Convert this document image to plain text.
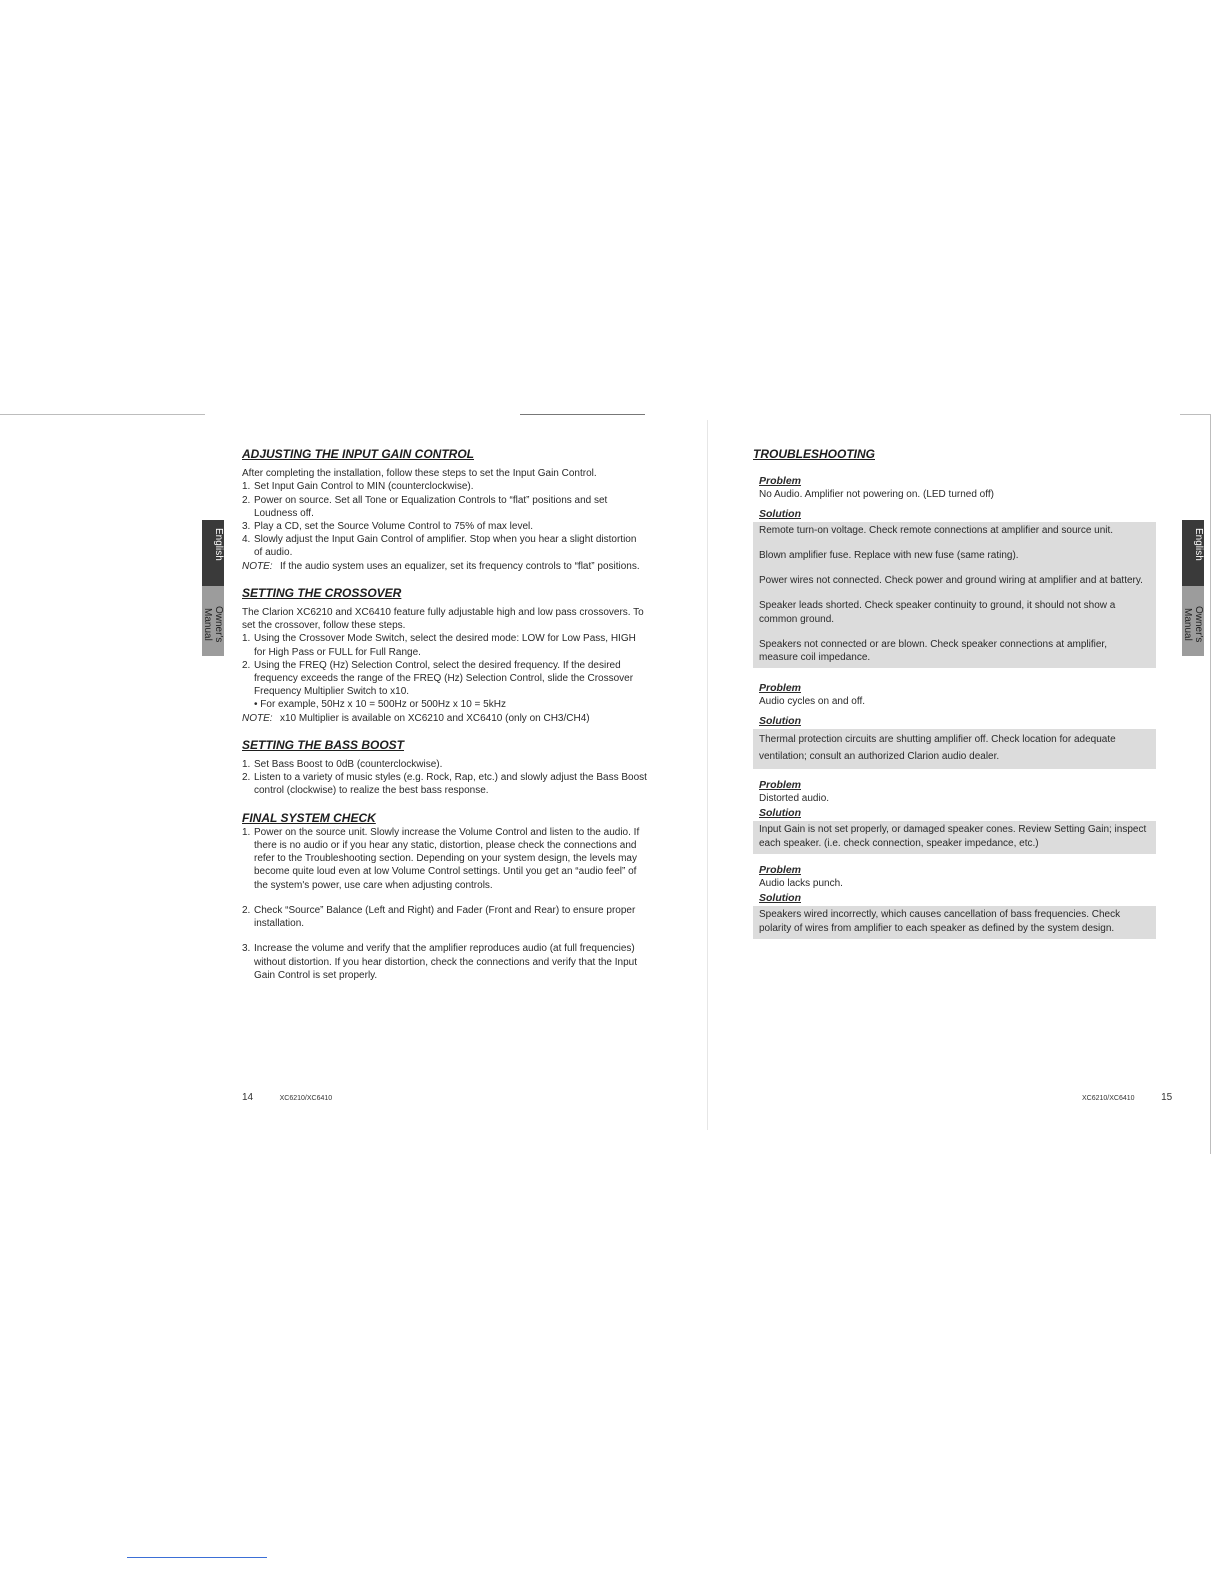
English
Owner's Manual
English
Owner's Manual
ADJUSTING THE INPUT GAIN CONTROL

After completing the installation, follow these steps to set the Input Gain Control.

1. Set Input Gain Control to MIN (counterclockwise).
2. Power on source. Set all Tone or Equalization Controls to “flat” positions and set Loudness off.
3. Play a CD, set the Source Volume Control to 75% of max level.
4. Slowly adjust the Input Gain Control of amplifier. Stop when you hear a slight distortion of audio.

NOTE: If the audio system uses an equalizer, set its frequency controls to “flat” positions.

SETTING THE CROSSOVER

The Clarion XC6210 and XC6410 feature fully adjustable high and low pass crossovers. To set the crossover, follow these steps.

1. Using the Crossover Mode Switch, select the desired mode: LOW for Low Pass, HIGH for High Pass or FULL for Full Range.
2. Using the FREQ (Hz) Selection Control, select the desired frequency. If the desired frequency exceeds the range of the FREQ (Hz) Selection Control, slide the Crossover Frequency Multiplier Switch to x10.

• For example, 50Hz x 10 = 500Hz or 500Hz x 10 = 5kHz

NOTE: x10 Multiplier is available on XC6210 and XC6410 (only on CH3/CH4)

SETTING THE BASS BOOST
1. Set Bass Boost to 0dB (counterclockwise).
2. Listen to a variety of music styles (e.g. Rock, Rap, etc.) and slowly adjust the Bass Boost control (clockwise) to realize the best bass response.
FINAL SYSTEM CHECK
1. Power on the source unit. Slowly increase the Volume Control and listen to the audio. If there is no audio or if you hear any static, distortion, please check the connections and refer to the Troubleshooting section. Depending on your system design, the levels may become quite loud even at low Volume Control settings. Until you get an “audio feel” of the system's power, use care when adjusting controls.
2. Check “Source” Balance (Left and Right) and Fader (Front and Rear) to ensure proper installation.
3. Increase the volume and verify that the amplifier reproduces audio (at full frequencies) without distortion. If you hear distortion, check the connections and verify that the Input Gain Control is set properly.
TROUBLESHOOTING
Problem
No Audio. Amplifier not powering on. (LED turned off)
Solution

Remote turn-on voltage. Check remote connections at amplifier and source unit.

Blown amplifier fuse. Replace with new fuse (same rating).

Power wires not connected. Check power and ground wiring at amplifier and at battery.

Speaker leads shorted. Check speaker continuity to ground, it should not show a common ground.

Speakers not connected or are blown. Check speaker connections at amplifier, measure coil impedance.

Problem
Audio cycles on and off.
Solution

Thermal protection circuits are shutting amplifier off. Check location for adequate ventilation; consult an authorized Clarion audio dealer.

Problem
Distorted audio.
Solution

Input Gain is not set properly, or damaged speaker cones. Review Setting Gain; inspect each speaker. (i.e. check connection, speaker impedance, etc.)

Problem
Audio lacks punch.
Solution

Speakers wired incorrectly, which causes cancellation of bass frequencies. Check polarity of wires from amplifier to each speaker as defined by the system design.

14	XC6210/XC6410	XC6210/XC6410	15
